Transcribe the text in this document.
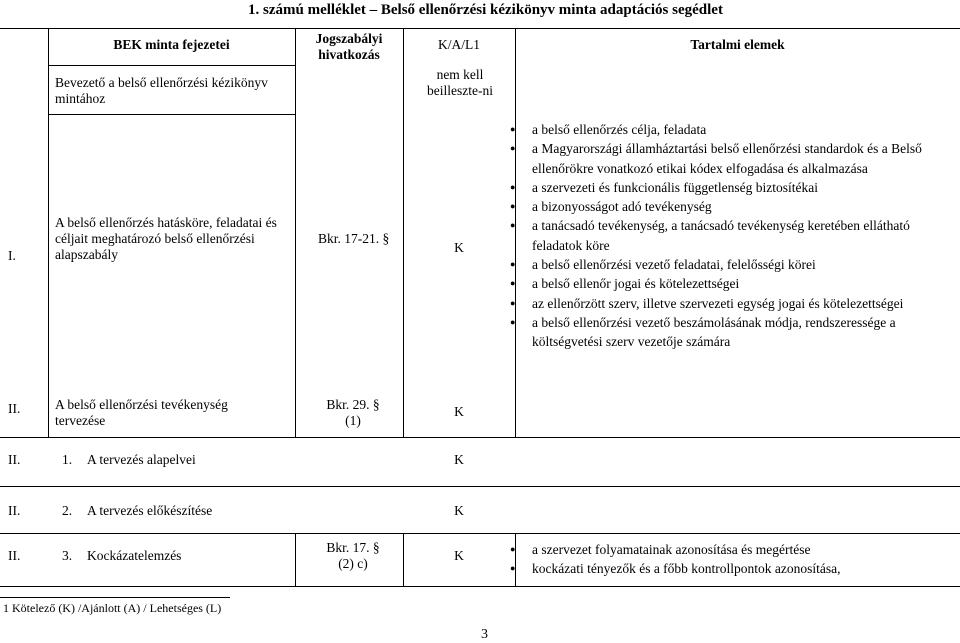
1. számú melléklet – Belső ellenőrzési kézikönyv minta adaptációs segédlet
BEK minta fejezetei	Jogszabályi hivatkozás
K/A/L1	Tartalmi elemek
Bevezető a belső ellenőrzési kézikönyv mintához
nem kell beilleszte-ni
I.
A belső ellenőrzés hatásköre, feladatai és céljait meghatározó belső ellenőrzési alapszabály
Bkr. 17-21. §
K
II.	A belső ellenőrzési tevékenység tervezése
Bkr. 29. § (1)
K
● a belső ellenőrzés célja, feladata
● a Magyarországi államháztartási belső ellenőrzési standardok és a Belső ellenőrökre vonatkozó etikai kódex elfogadása és alkalmazása
● a szervezeti és funkcionális függetlenség biztosítékai
● a bizonyosságot adó tevékenység
● a tanácsadó tevékenység, a tanácsadó tevékenység keretében ellátható feladatok köre
● a belső ellenőrzési vezető feladatai, felelősségi körei
● a belső ellenőr jogai és kötelezettségei
● az ellenőrzött szerv, illetve szervezeti egység jogai és kötelezettségei
● a belső ellenőrzési vezető beszámolásának módja, rendszeressége a költségvetési szerv vezetője számára
II.	1. A tervezés alapelvei	K
II.	2. A tervezés előkészítése	K
II.	3. Kockázatelemzés
Bkr. 17. § (2) c)
K
●	a szervezet folyamatainak azonosítása és megértése
● kockázati tényezők és a főbb kontrollpontok azonosítása,
1 Kötelező (K) /Ajánlott (A) / Lehetséges (L)
3
